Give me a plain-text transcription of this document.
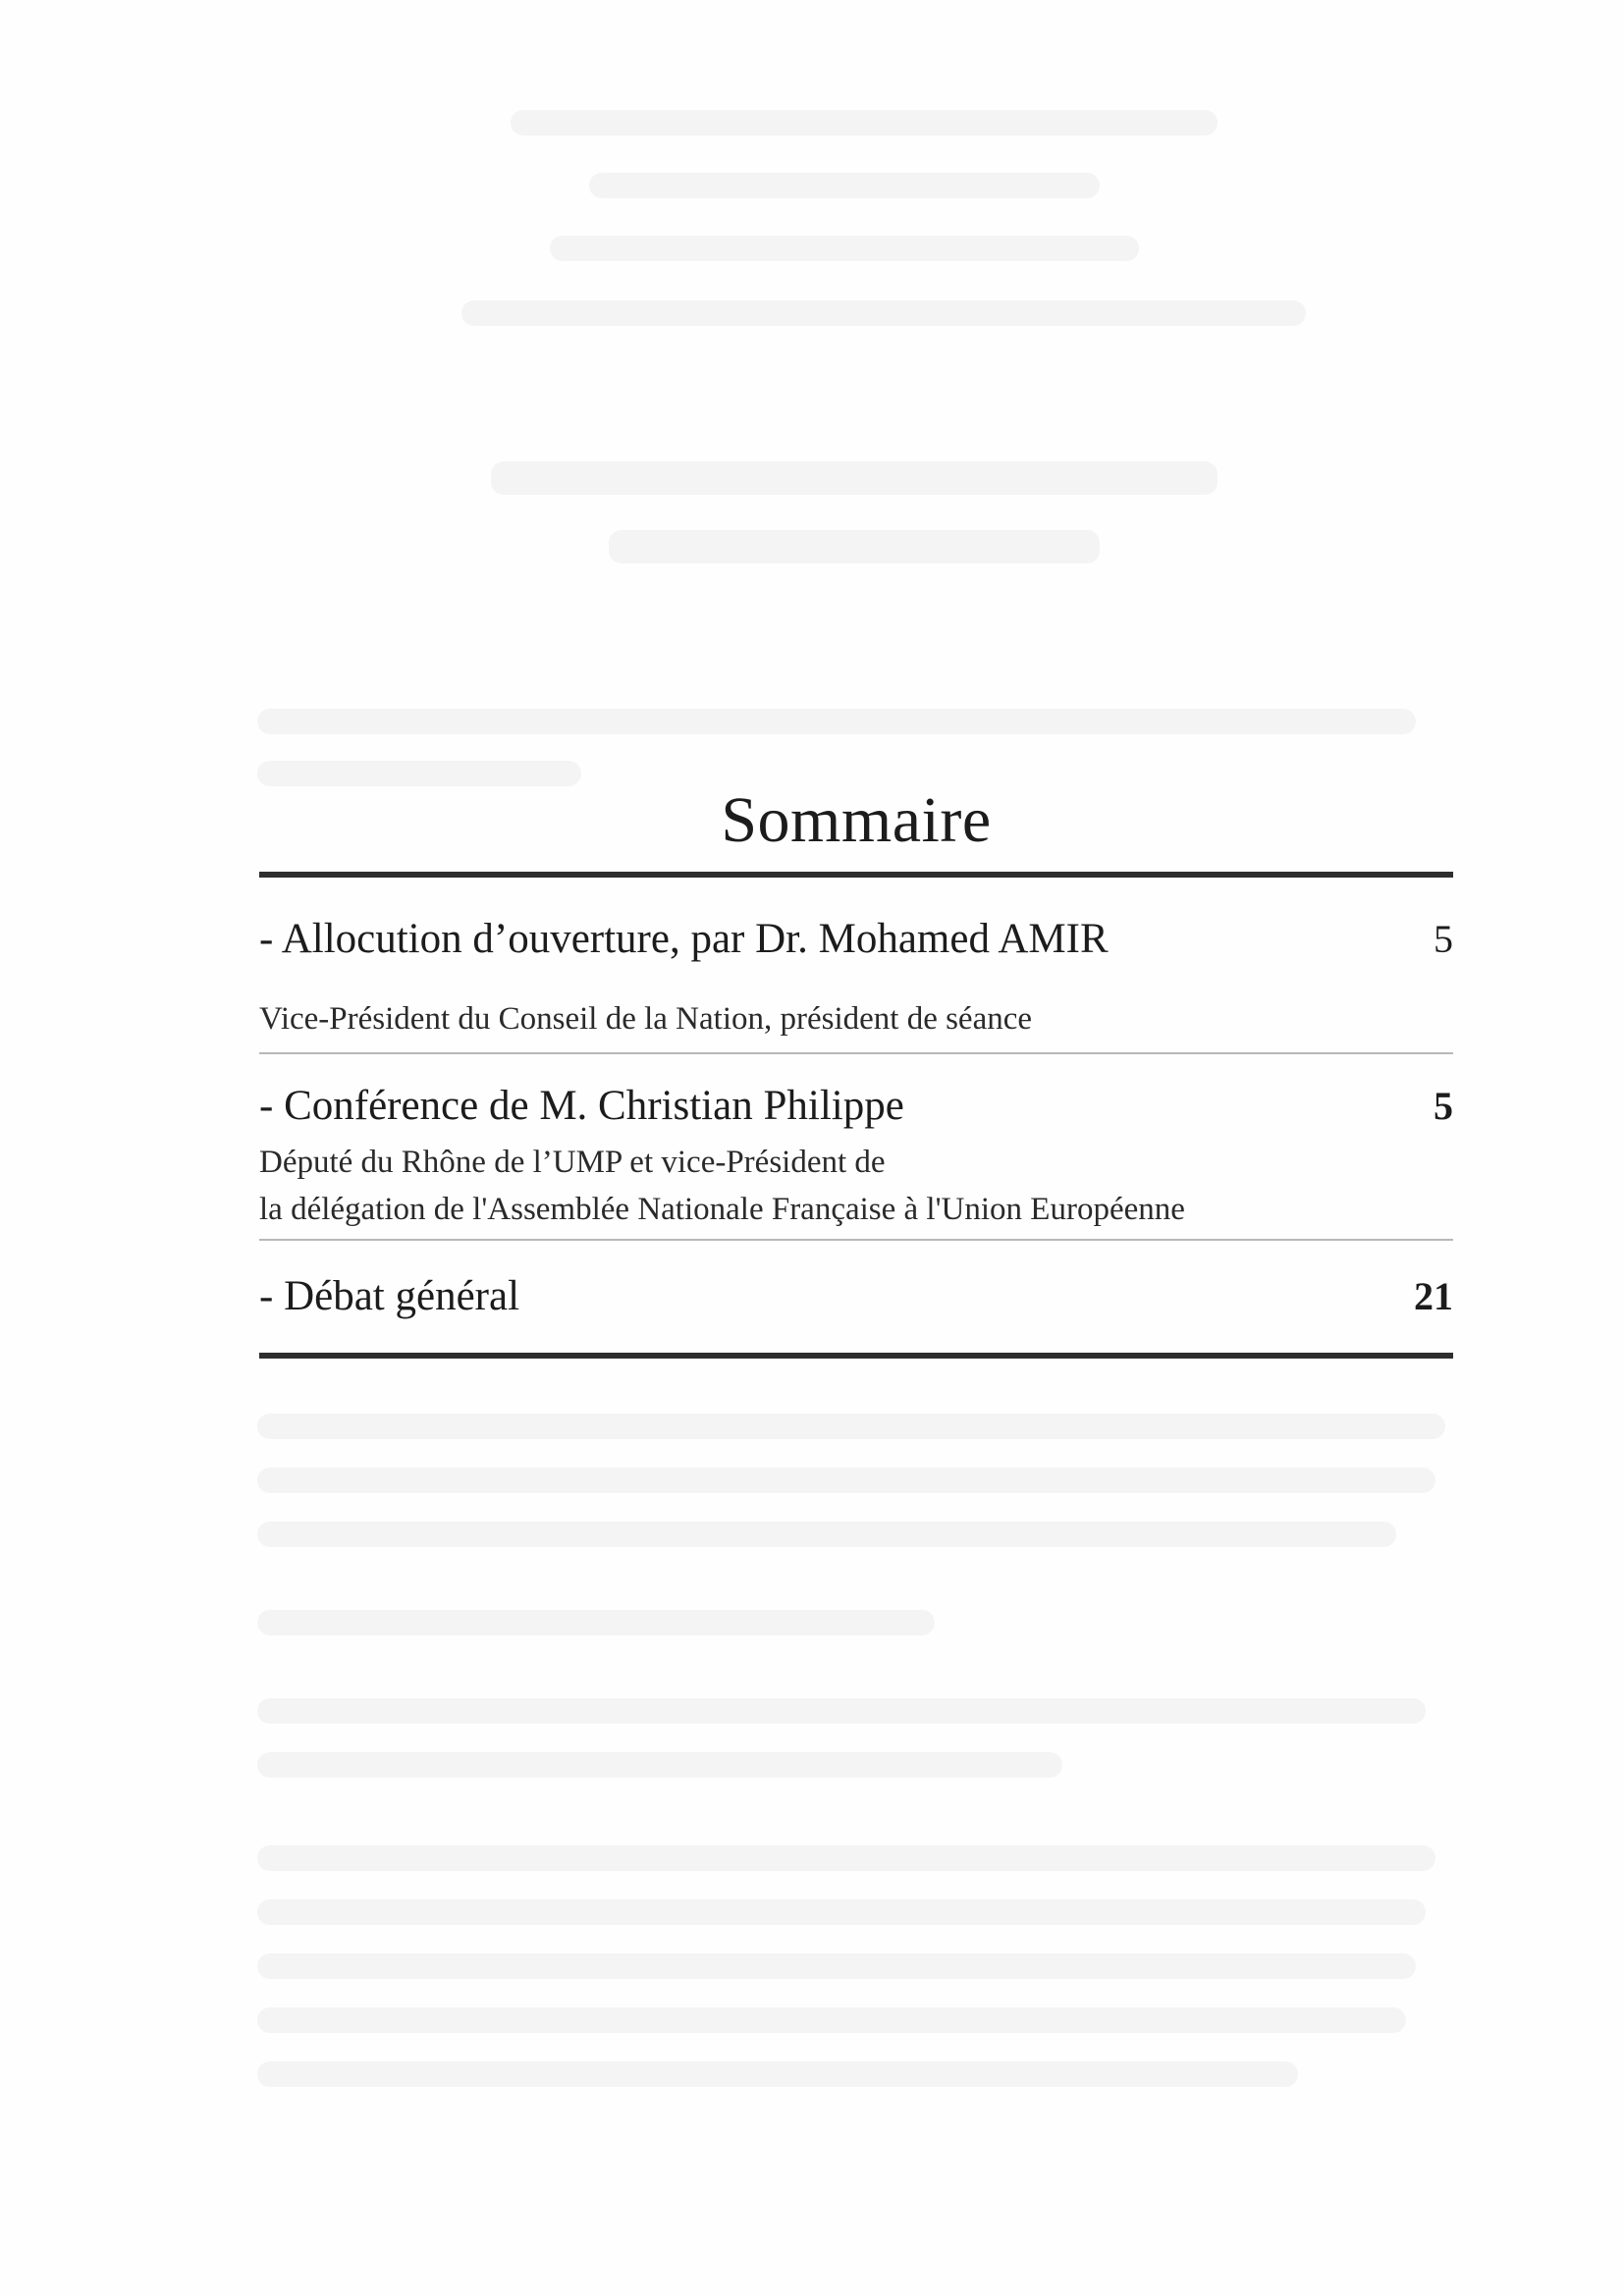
Sommaire
- Allocution d’ouverture, par Dr. Mohamed AMIR	5
Vice-Président du Conseil de la Nation, président de séance
- Conférence de M. Christian Philippe	5
Député du Rhône de l’UMP et vice-Président de
la délégation de l'Assemblée Nationale Française à l'Union Européenne
- Débat général	21
